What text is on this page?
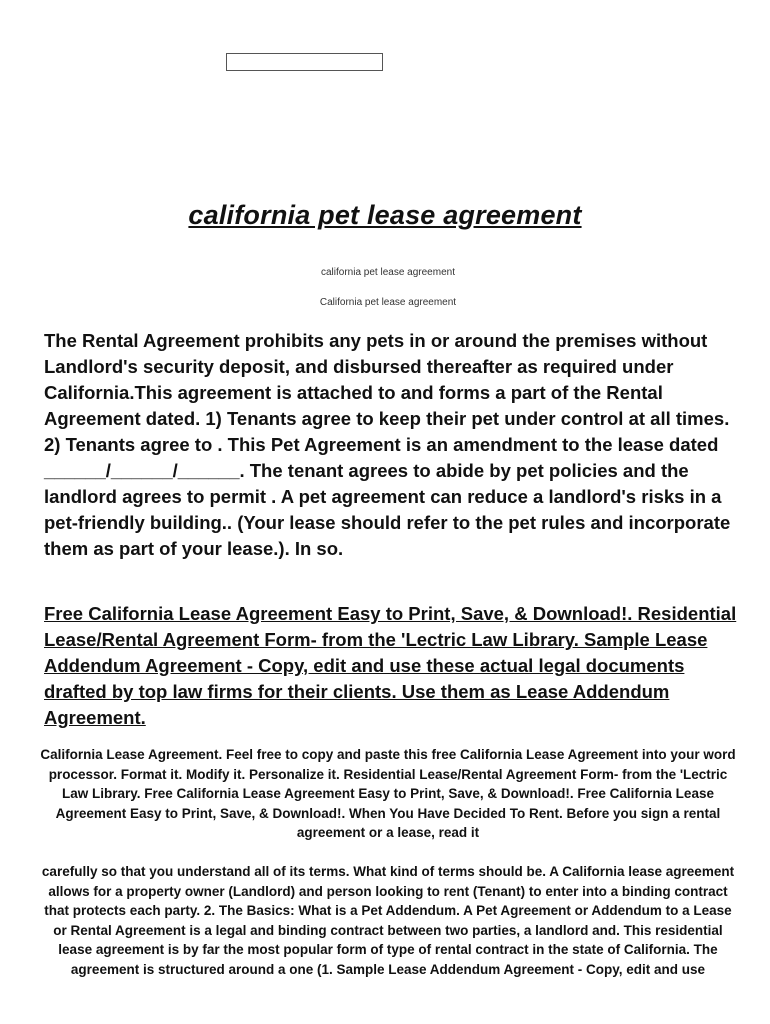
california pet lease agreement

california pet lease agreement

California pet lease agreement

The Rental Agreement prohibits any pets in or around the premises without Landlord's security deposit, and disbursed thereafter as required under California.This agreement is attached to and forms a part of the Rental Agreement dated. 1) Tenants agree to keep their pet under control at all times. 2) Tenants agree to . This Pet Agreement is an amendment to the lease dated ______/______/______. The tenant agrees to abide by pet policies and the landlord agrees to permit . A pet agreement can reduce a landlord's risks in a pet-friendly building.. (Your lease should refer to the pet rules and incorporate them as part of your lease.). In so.

Free California Lease Agreement Easy to Print, Save, & Download!. Residential Lease/Rental Agreement Form- from the 'Lectric Law Library. Sample Lease Addendum Agreement - Copy, edit and use these actual legal documents drafted by top law firms for their clients. Use them as Lease Addendum Agreement.

California Lease Agreement. Feel free to copy and paste this free California Lease Agreement into your word processor. Format it. Modify it. Personalize it. Residential Lease/Rental Agreement Form- from the 'Lectric Law Library. Free California Lease Agreement Easy to Print, Save, & Download!. Free California Lease Agreement Easy to Print, Save, & Download!. When You Have Decided To Rent. Before you sign a rental agreement or a lease, read it

carefully so that you understand all of its terms. What kind of terms should be. A California lease agreement allows for a property owner (Landlord) and person looking to rent (Tenant) to enter into a binding contract that protects each party. 2. The Basics: What is a Pet Addendum. A Pet Agreement or Addendum to a Lease or Rental Agreement is a legal and binding contract between two parties, a landlord and. This residential lease agreement is by far the most popular form of type of rental contract in the state of California. The agreement is structured around a one (1. Sample Lease Addendum Agreement - Copy, edit and use
